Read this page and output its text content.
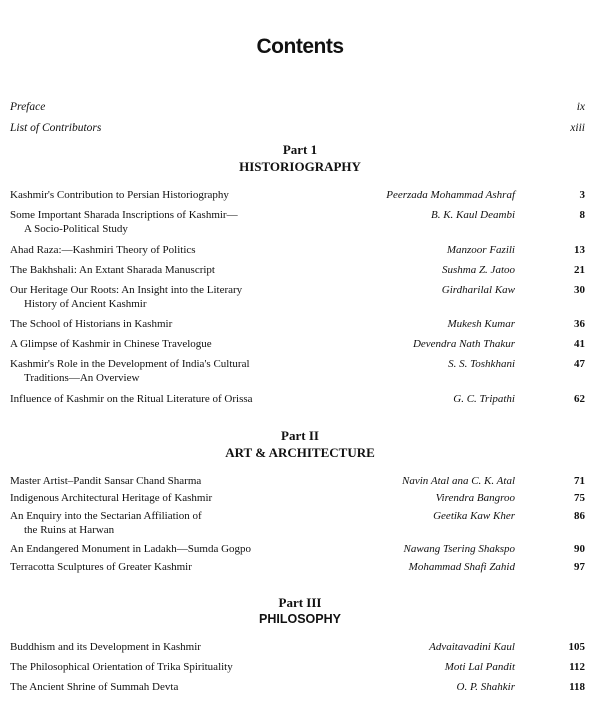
Contents
Preface	ix
List of Contributors	xiii
Part 1
HISTORIOGRAPHY
Kashmir's Contribution to Persian Historiography	Peerzada Mohammad Ashraf	3
Some Important Sharada Inscriptions of Kashmir—
A Socio-Political Study
B. K. Kaul Deambi	8
Ahad Raza:—Kashmiri Theory of Politics	Manzoor Fazili	13
The Bakhshali: An Extant Sharada Manuscript	Sushma Z. Jatoo	21
Our Heritage Our Roots: An Insight into the Literary
History of Ancient Kashmir
Girdharilal Kaw	30
The School of Historians in Kashmir	Mukesh Kumar	36
A Glimpse of Kashmir in Chinese Travelogue	Devendra Nath Thakur	41
Kashmir's Role in the Development of India's Cultural
Traditions—An Overview
S. S. Toshkhani	47
Influence of Kashmir on the Ritual Literature of Orissa	G. C. Tripathi	62
Part II
ART & ARCHITECTURE
Master Artist–Pandit Sansar Chand Sharma	Navin Atal ana C. K. Atal	71
Indigenous Architectural Heritage of Kashmir	Virendra Bangroo	75
An Enquiry into the Sectarian Affiliation of
the Ruins at Harwan
Geetika Kaw Kher	86
An Endangered Monument in Ladakh—Sumda Gogpo	Nawang Tsering Shakspo	90
Terracotta Sculptures of Greater Kashmir	Mohammad Shafi Zahid	97
Part III
PHILOSOPHY
Buddhism and its Development in Kashmir	Advaitavadini Kaul	105
The Philosophical Orientation of Trika Spirituality	Moti Lal Pandit	112
The Ancient Shrine of Summah Devta	O. P. Shahkir	118
